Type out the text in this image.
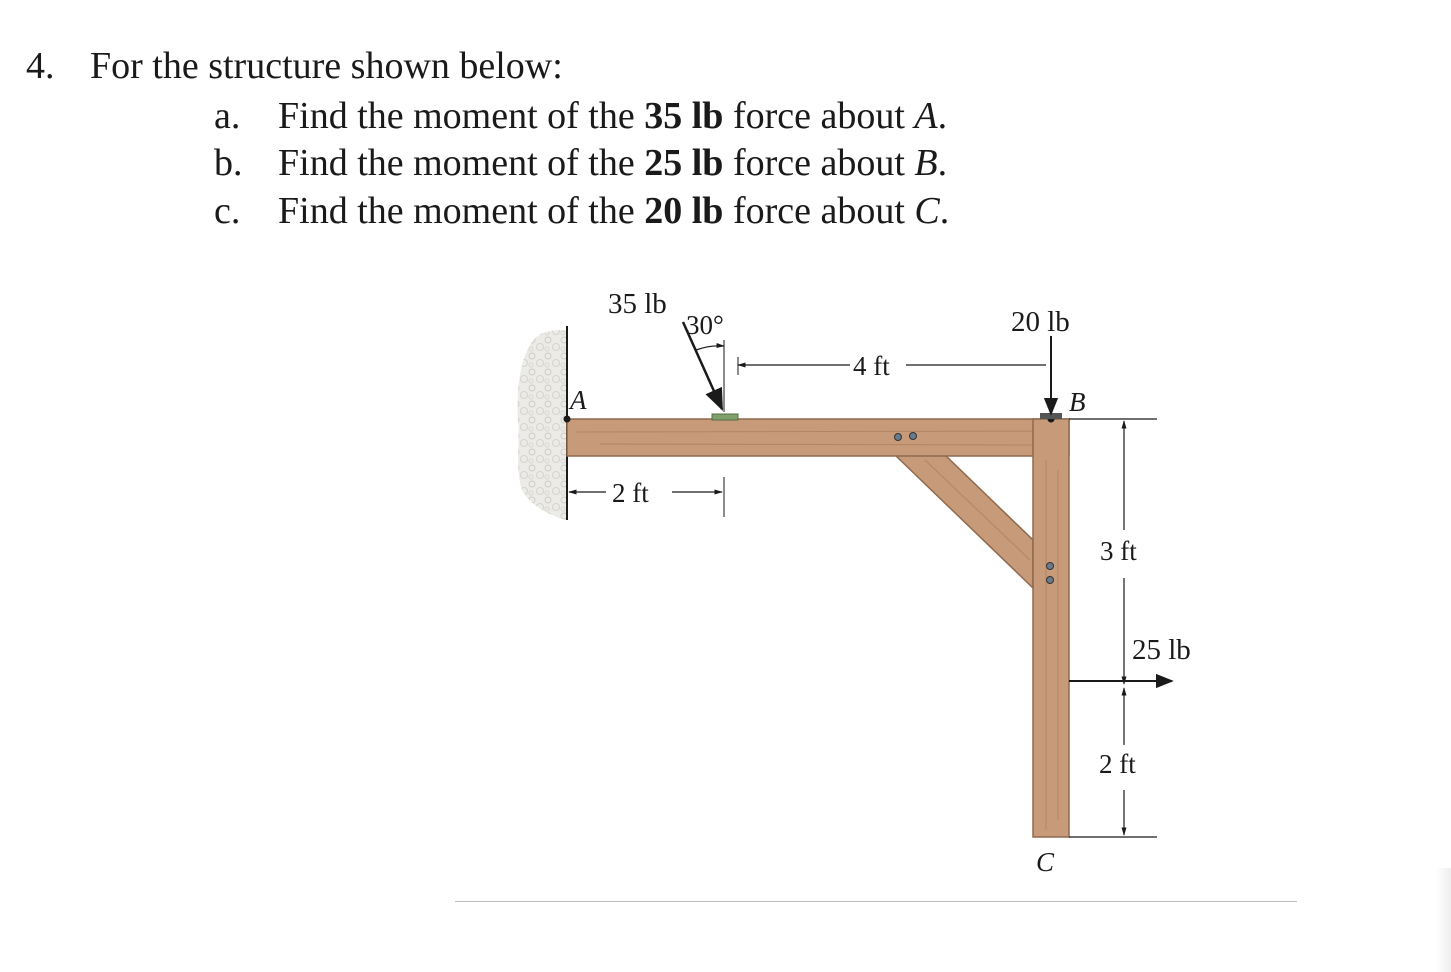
4. For the structure shown below:
a. Find the moment of the 35 lb force about A.
b. Find the moment of the 25 lb force about B.
c. Find the moment of the 20 lb force about C.
35 lb
30°	20 lb
4 ft
A	B
2 ft
3 ft
25 lb
2 ft
C
